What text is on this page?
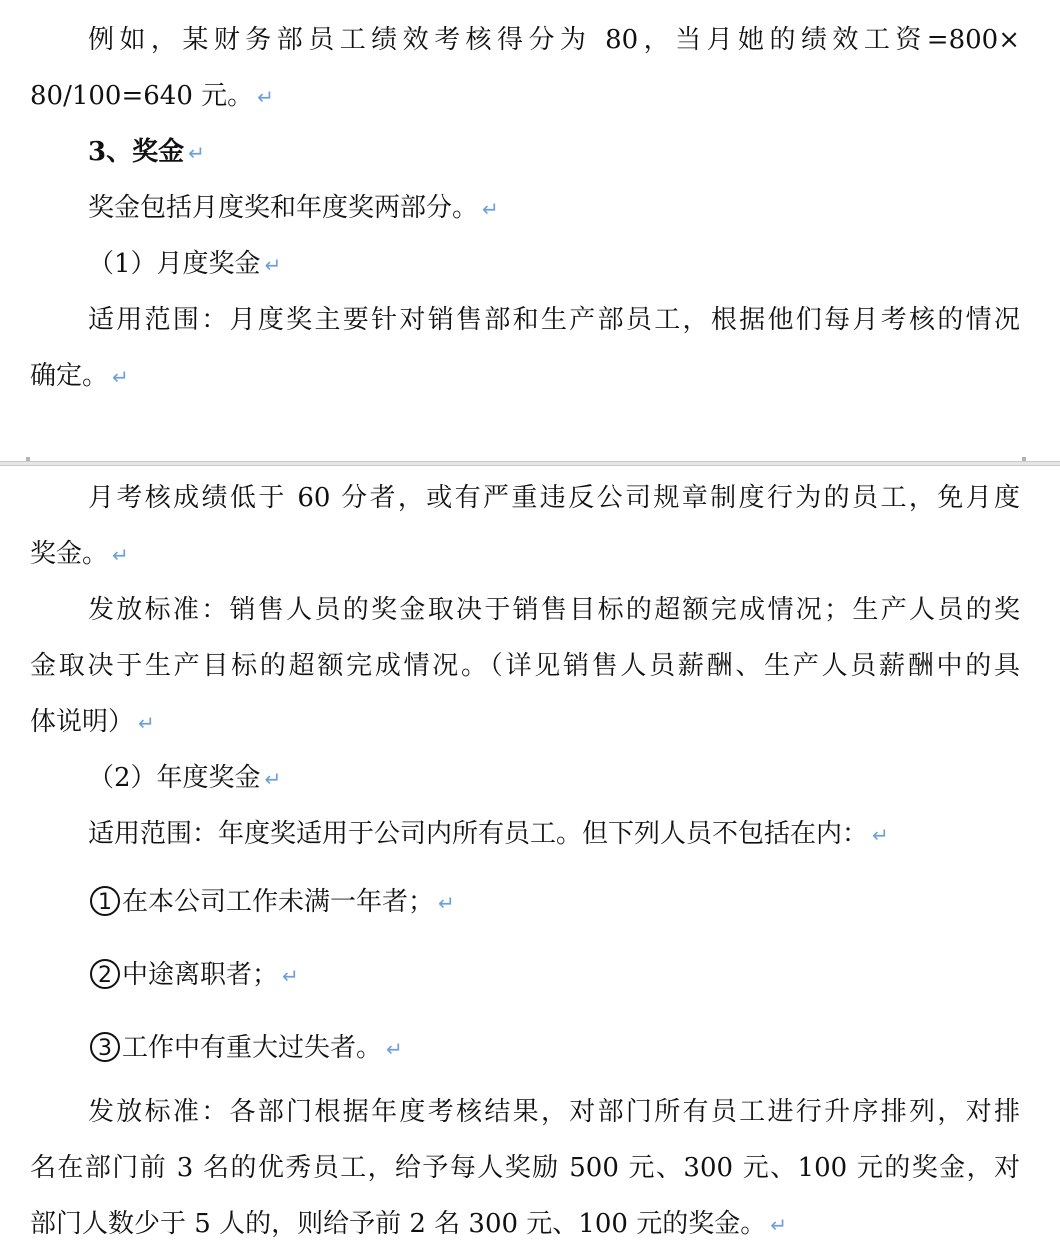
例如，某财务部员工绩效考核得分为 80，当月她的绩效工资=800×
80/100=640 元。 ↵
3、奖金 ↵
奖金包括月度奖和年度奖两部分。 ↵
（1）月度奖金 ↵
适用范围：月度奖主要针对销售部和生产部员工，根据他们每月考核的情况
确定。 ↵
月考核成绩低于 60 分者，或有严重违反公司规章制度行为的员工，免月度
奖金。 ↵
发放标准：销售人员的奖金取决于销售目标的超额完成情况；生产人员的奖
金取决于生产目标的超额完成情况。（详见销售人员薪酬、生产人员薪酬中的具
体说明） ↵
（2）年度奖金 ↵
适用范围：年度奖适用于公司内所有员工。但下列人员不包括在内： ↵
1 在本公司工作未满一年者； ↵
2 中途离职者； ↵
3 工作中有重大过失者。 ↵
发放标准：各部门根据年度考核结果，对部门所有员工进行升序排列，对排
名在部门前 3 名的优秀员工，给予每人奖励 500 元、300 元、100 元的奖金，对
部门人数少于 5 人的，则给予前 2 名 300 元、100 元的奖金。 ↵
